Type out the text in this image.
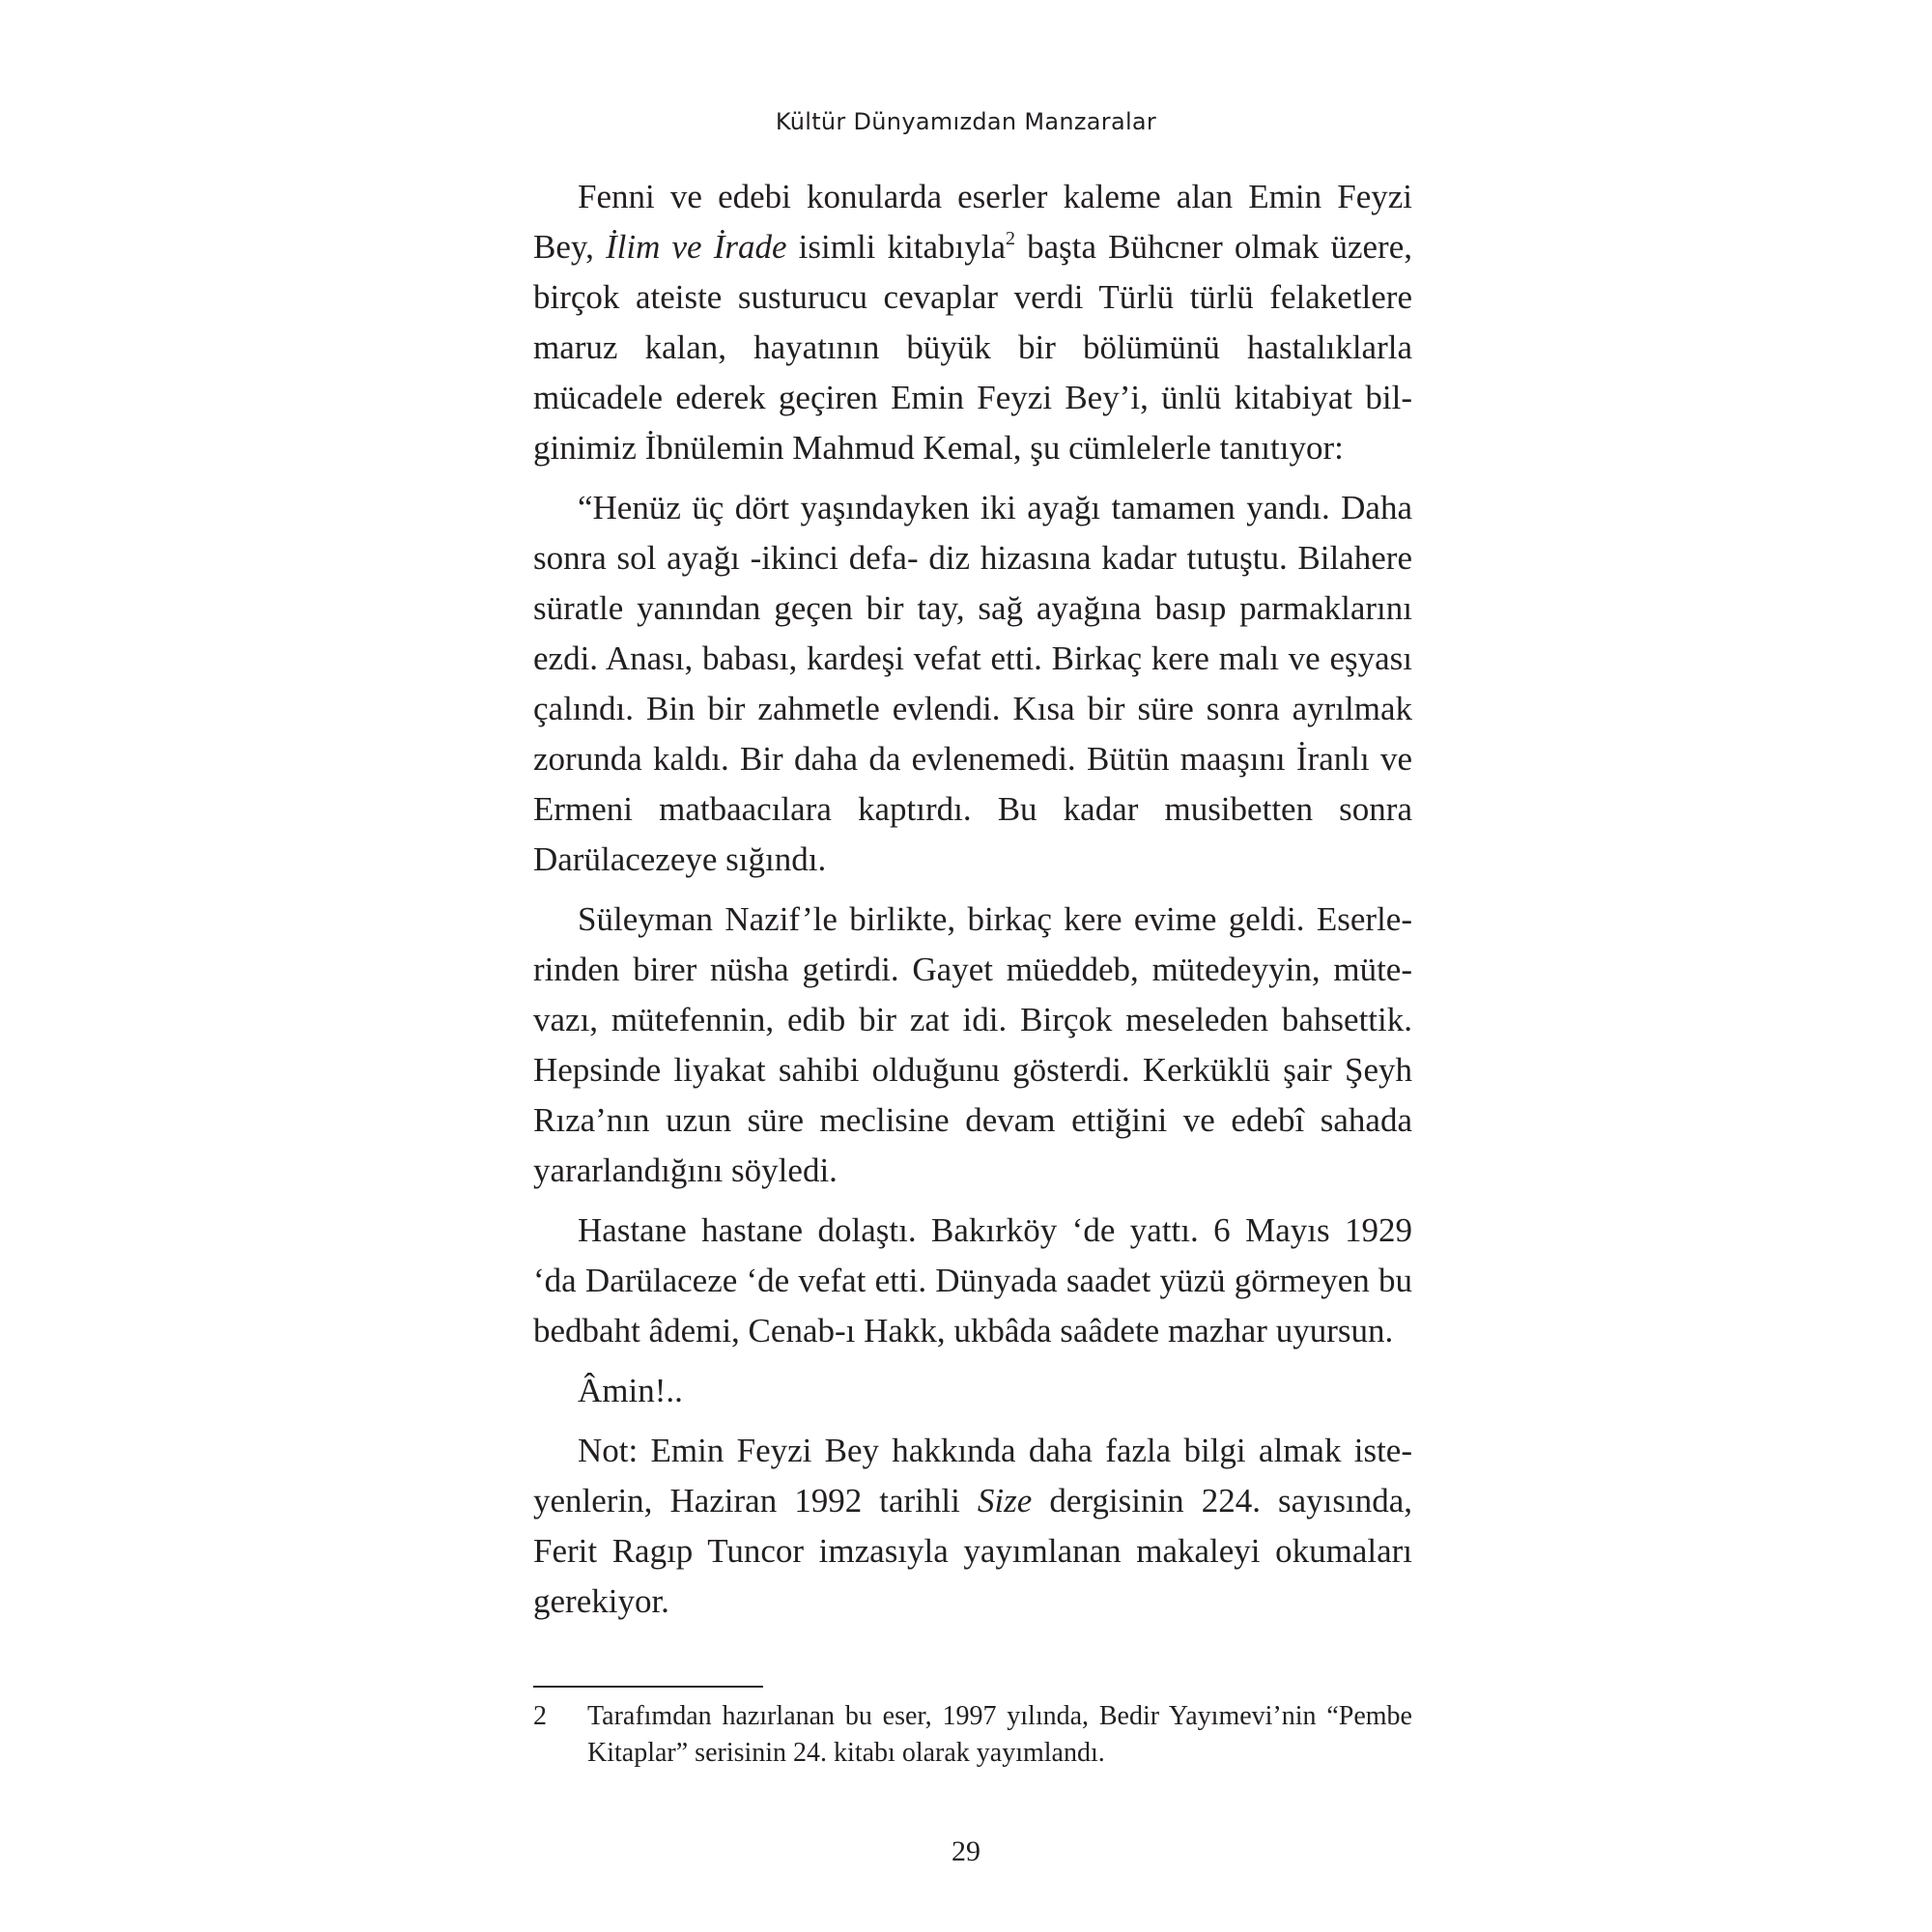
Kültür Dünyamızdan Manzaralar

Fenni ve edebi konularda eserler kaleme alan Emin Feyzi Bey, İlim ve İrade isimli kitabıyla$^2$ başta Bühcner olmak üzere, birçok ateiste susturucu cevaplar verdi Türlü türlü felaketlere maruz kalan, hayatının büyük bir bölümünü hastalıklarla mücadele ederek geçiren Emin Feyzi Bey’i, ünlü kitabiyat bilginimiz İbnülemin Mahmud Kemal, şu cümlelerle tanıtıyor:

“Henüz üç dört yaşındayken iki ayağı tamamen yandı. Daha sonra sol ayağı -ikinci defa- diz hizasına kadar tutuştu. Bilahere süratle yanından geçen bir tay, sağ ayağına basıp parmaklarını ezdi. Anası, babası, kardeşi vefat etti. Birkaç kere malı ve eşyası çalındı. Bin bir zahmetle evlendi. Kısa bir süre sonra ayrılmak zorunda kaldı. Bir daha da evlenemedi. Bütün maaşını İranlı ve Ermeni matbaacılara kaptırdı. Bu kadar musibetten sonra Darülacezeye sığındı.

Süleyman Nazif’le birlikte, birkaç kere evime geldi. Eserlerinden birer nüsha getirdi. Gayet müeddeb, mütedeyyin, mütevazı, mütefennin, edib bir zat idi. Birçok meseleden bahsettik. Hepsinde liyakat sahibi olduğunu gösterdi. Kerküklü şair Şeyh Rıza’nın uzun süre meclisine devam ettiğini ve edebî sahada yararlandığını söyledi.

Hastane hastane dolaştı. Bakırköy ‘de yattı. 6 Mayıs 1929 ‘da Darülaceze ‘de vefat etti. Dünyada saadet yüzü görmeyen bu bedbaht âdemi, Cenab-ı Hakk, ukbâda saâdete mazhar uyursun.

Âmin!..

Not: Emin Feyzi Bey hakkında daha fazla bilgi almak isteyenlerin, Haziran 1992 tarihli Size dergisinin 224. sayısında, Ferit Ragıp Tuncor imzasıyla yayımlanan makaleyi okumaları gerekiyor.

2	Tarafımdan hazırlanan bu eser, 1997 yılında, Bedir Yayımevi’nin “Pembe Kitaplar” serisinin 24. kitabı olarak yayımlandı.
29
